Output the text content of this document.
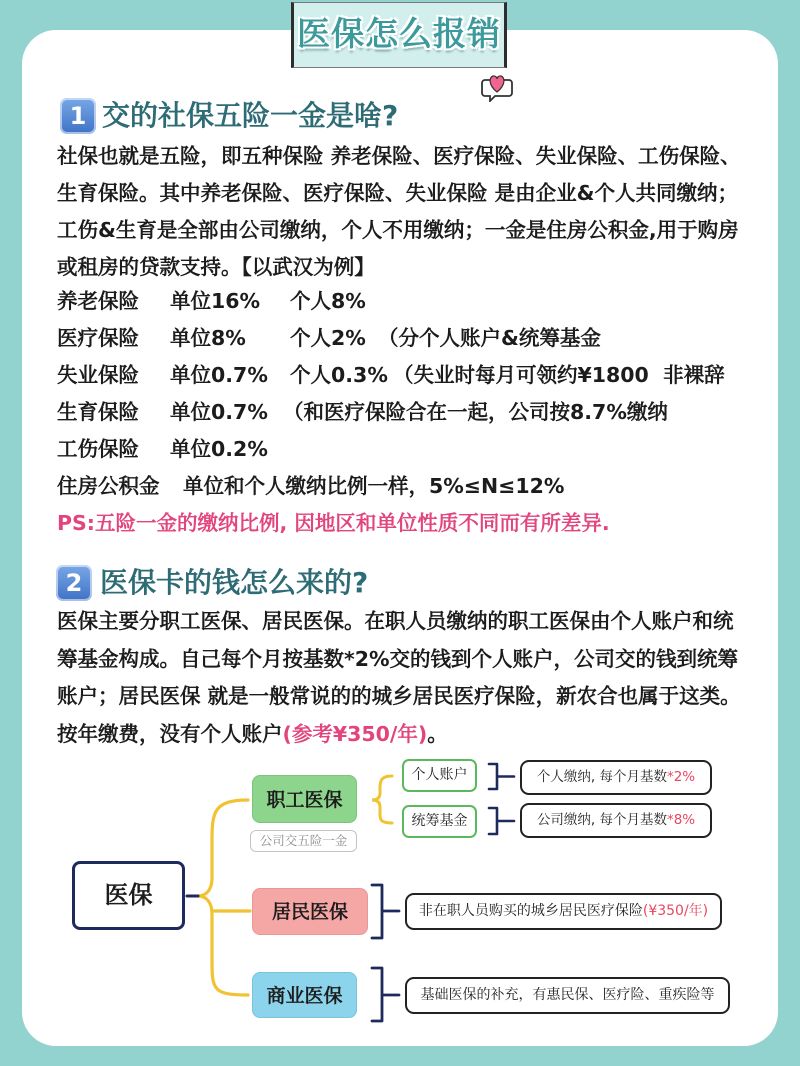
医保怎么报销
1 交的社保五险一金是啥?
社保也就是五险，即五种保险 养老保险、医疗保险、失业保险、工伤保险、
生育保险。其中养老保险、医疗保险、失业保险 是由企业&个人共同缴纳；
工伤&生育是全部由公司缴纳，个人不用缴纳；一金是住房公积金,用于购房
或租房的贷款支持。【以武汉为例】
养老保险 单位16% 个人8%
医疗保险 单位8% 个人2% （分个人账户&统筹基金
失业保险 单位0.7% 个人0.3% （失业时每月可领约¥1800  非裸辞
生育保险 单位0.7% （和医疗保险合在一起，公司按8.7%缴纳
工伤保险 单位0.2%
住房公积金 单位和个人缴纳比例一样，5%≤N≤12%
PS:五险一金的缴纳比例, 因地区和单位性质不同而有所差异.
2 医保卡的钱怎么来的?
医保主要分职工医保、居民医保。在职人员缴纳的职工医保由个人账户和统
筹基金构成。自己每个月按基数*2%交的钱到个人账户，公司交的钱到统筹
账户；居民医保 就是一般常说的的城乡居民医疗保险，新农合也属于这类。
按年缴费，没有个人账户(参考¥350/年)。
医保
职工医保
公司交五险一金
居民医保
商业医保
个人账户
统筹基金
个人缴纳, 每个月基数*2%
公司缴纳, 每个月基数*8%
非在职人员购买的城乡居民医疗保险(¥350/年)
基础医保的补充，有惠民保、医疗险、重疾险等
